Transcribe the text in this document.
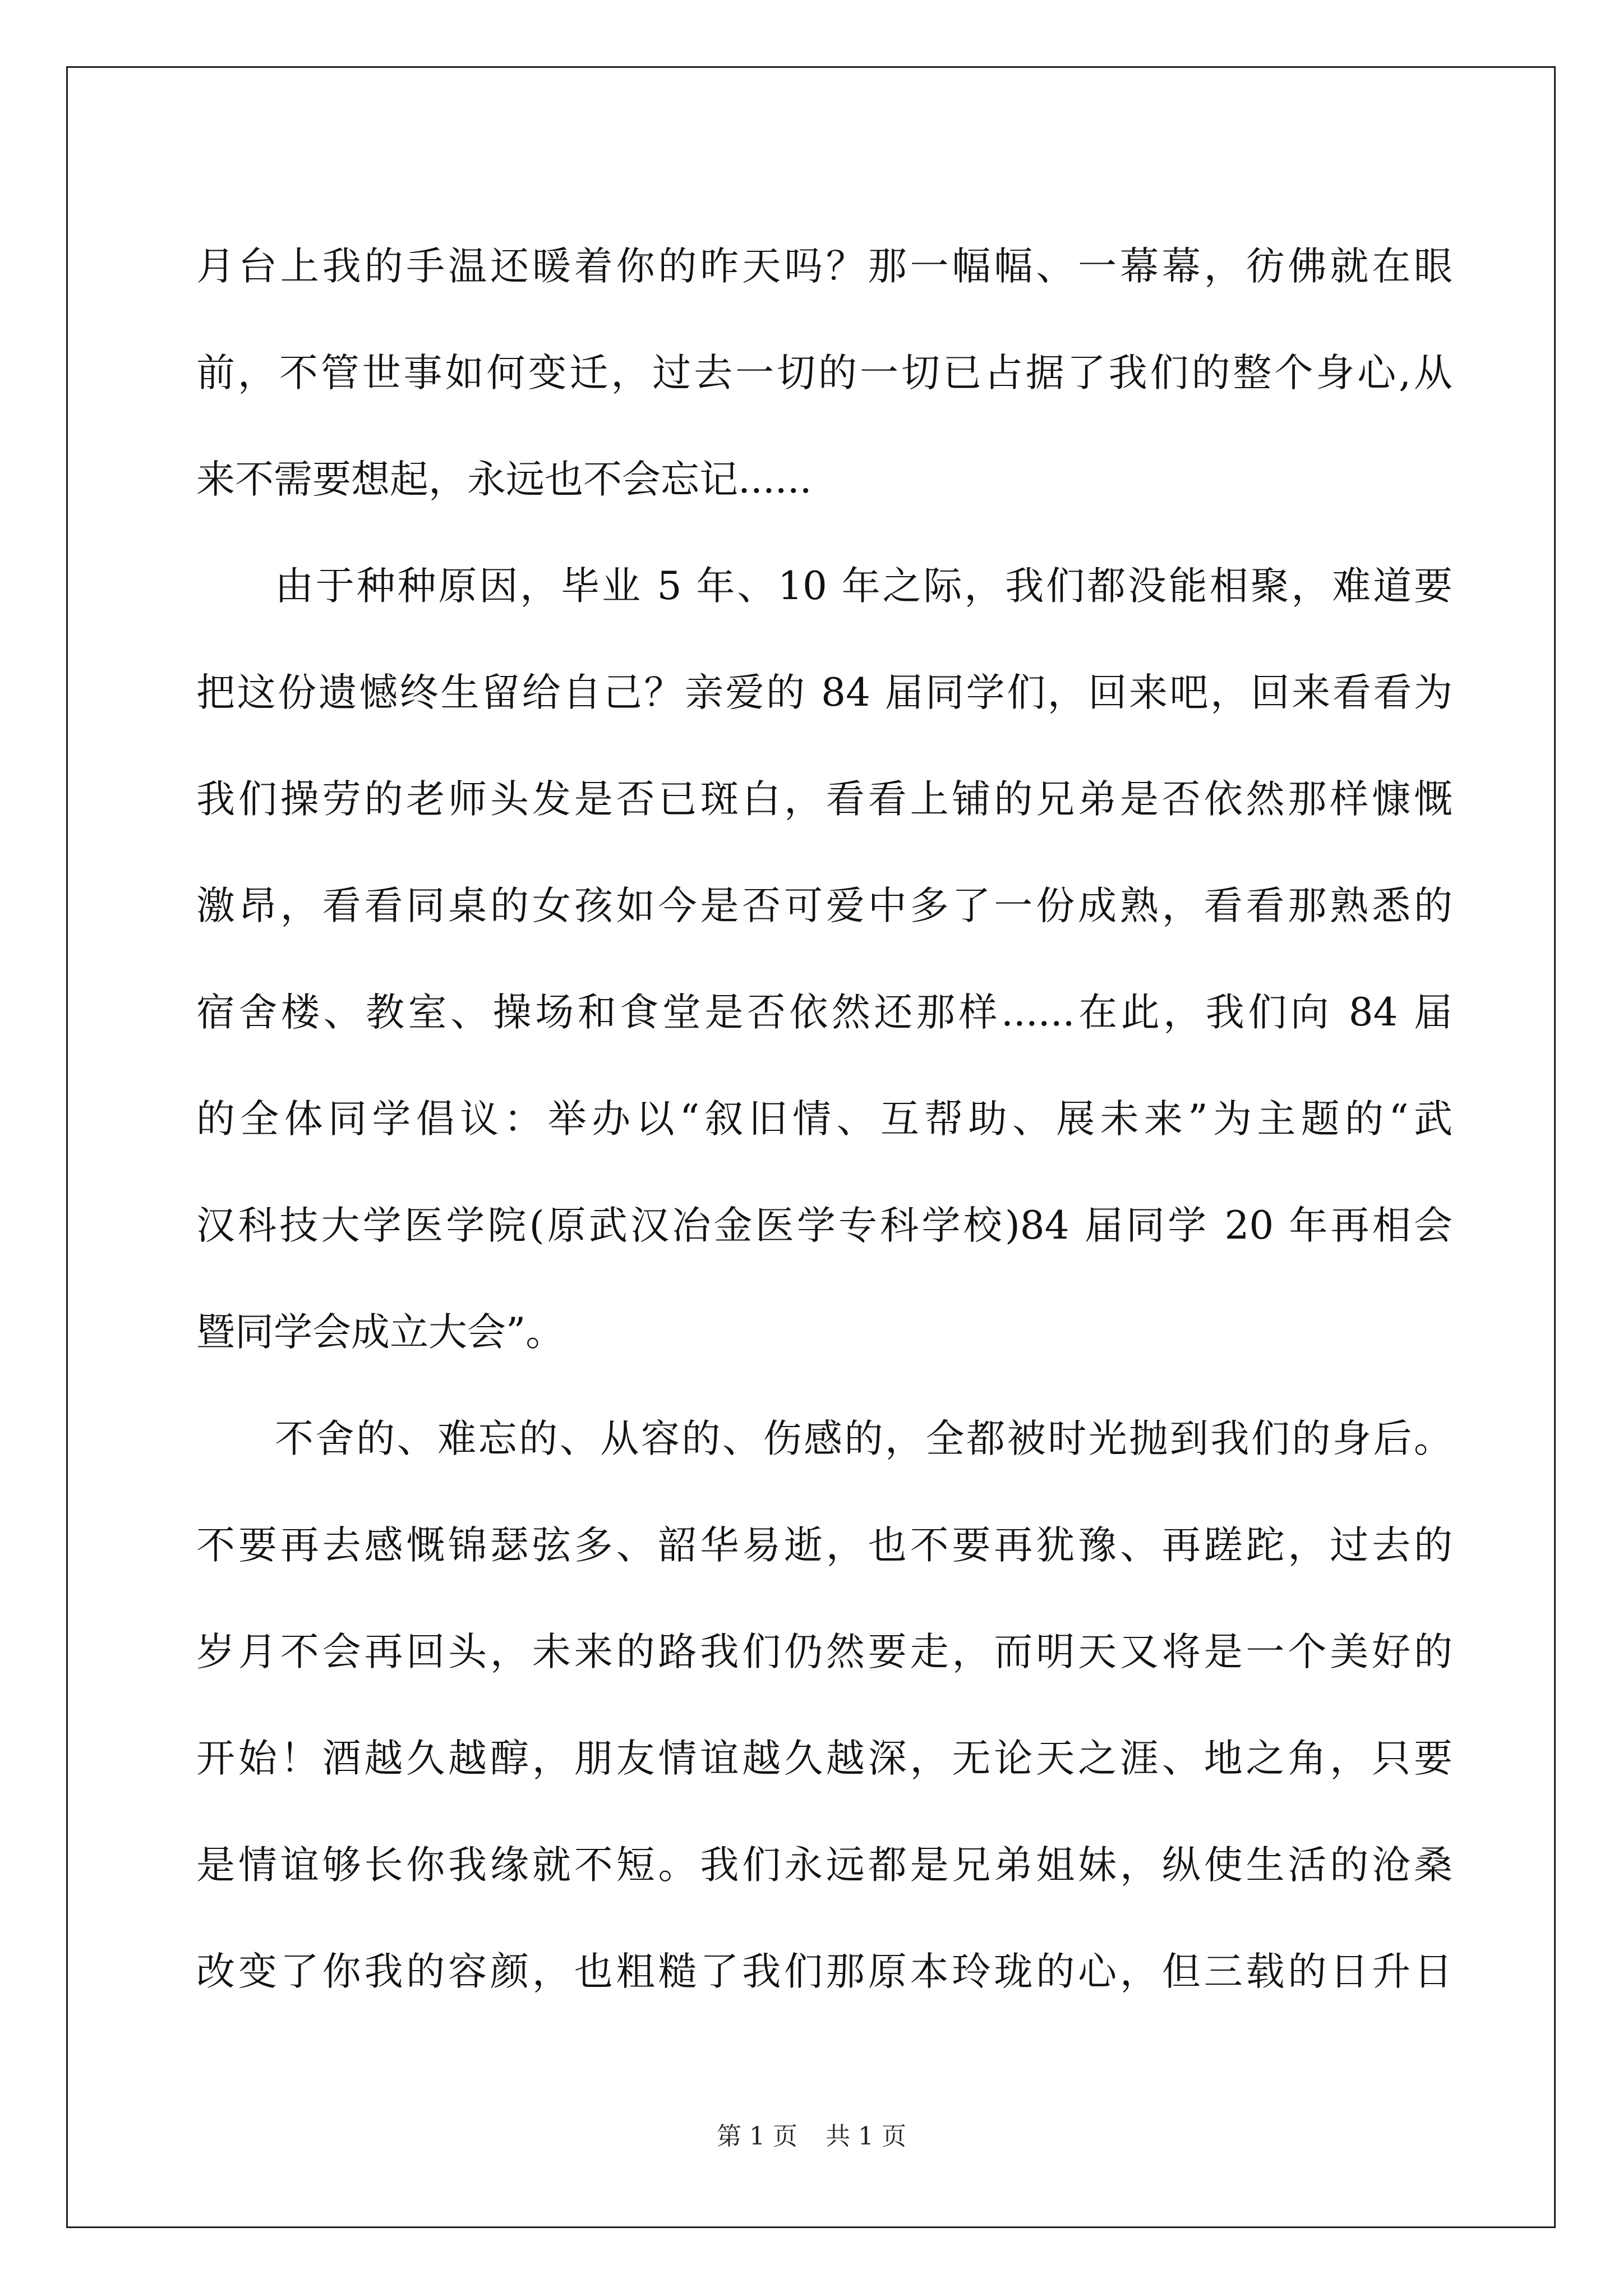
月台上我的手温还暖着你的昨天吗？那一幅幅、一幕幕，彷佛就在眼
前，不管世事如何变迁，过去一切的一切已占据了我们的整个身心,从
来不需要想起，永远也不会忘记......
由于种种原因，毕业 5 年、10 年之际，我们都没能相聚，难道要
把这份遗憾终生留给自己？亲爱的 84 届同学们，回来吧，回来看看为
我们操劳的老师头发是否已斑白，看看上铺的兄弟是否依然那样慷慨
激昂，看看同桌的女孩如今是否可爱中多了一份成熟，看看那熟悉的
宿舍楼、教室、操场和食堂是否依然还那样......在此，我们向 84 届
的全体同学倡议：举办以“叙旧情、互帮助、展未来”为主题的“武
汉科技大学医学院(原武汉冶金医学专科学校)84 届同学 20 年再相会
暨同学会成立大会”。
不舍的、难忘的、从容的、伤感的，全都被时光抛到我们的身后。
不要再去感慨锦瑟弦多、韶华易逝，也不要再犹豫、再蹉跎，过去的
岁月不会再回头，未来的路我们仍然要走，而明天又将是一个美好的
开始！酒越久越醇，朋友情谊越久越深，无论天之涯、地之角，只要
是情谊够长你我缘就不短。我们永远都是兄弟姐妹，纵使生活的沧桑
改变了你我的容颜，也粗糙了我们那原本玲珑的心，但三载的日升日
第 1 页 共 1 页
